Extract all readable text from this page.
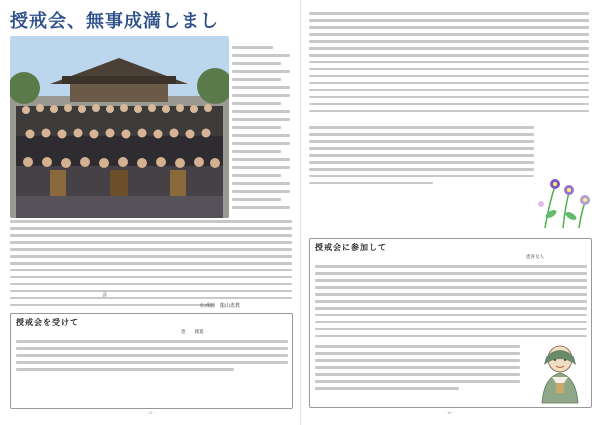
授戒会、無事成満しまし
会　　　
伝戒師　龍山恵教
授戒会を受けて
恵　　銭寛
- 5 -
授戒会に参加して
恵喜女人
- 6 -
